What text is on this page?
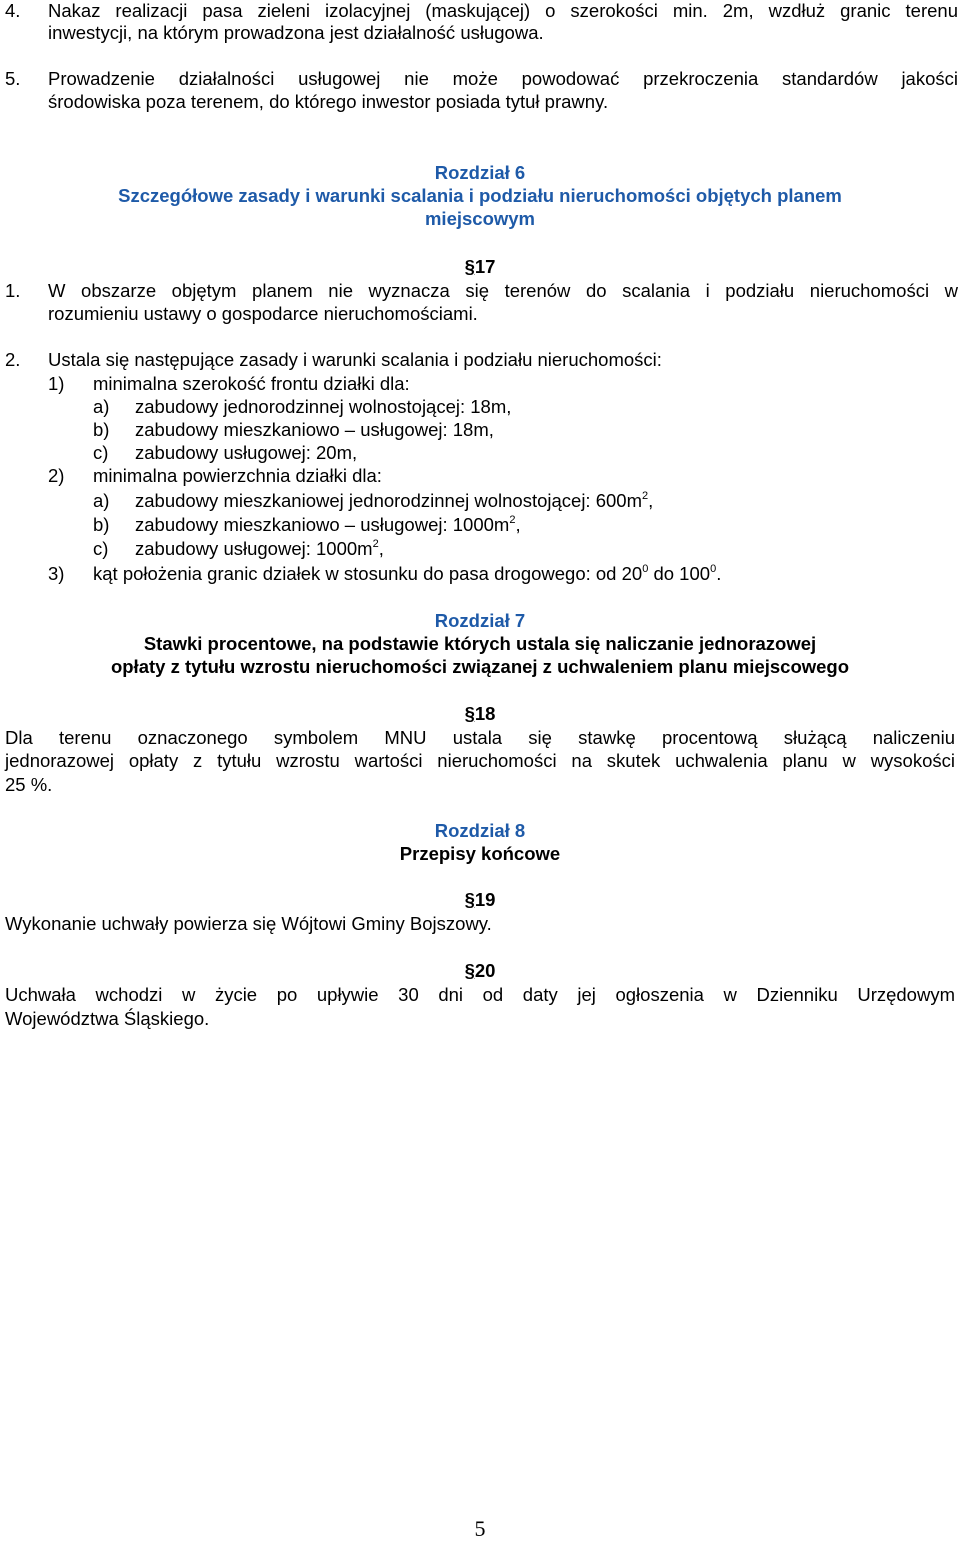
4. Nakaz realizacji pasa zieleni izolacyjnej (maskującej) o szerokości min. 2m, wzdłuż granic terenu
inwestycji, na którym prowadzona jest działalność usługowa.
5. Prowadzenie działalności usługowej nie może powodować przekroczenia standardów jakości
środowiska poza terenem, do którego inwestor posiada tytuł prawny.
Rozdział 6
Szczegółowe zasady i warunki scalania i podziału nieruchomości objętych planem
miejscowym
§17
1. W obszarze objętym planem nie wyznacza się terenów do scalania i podziału nieruchomości w
rozumieniu ustawy o gospodarce nieruchomościami.
2. Ustala się następujące zasady i warunki scalania i podziału nieruchomości:
1) minimalna szerokość frontu działki dla:
a) zabudowy jednorodzinnej wolnostojącej: 18m,
b) zabudowy mieszkaniowo – usługowej: 18m,
c) zabudowy usługowej: 20m,
2) minimalna powierzchnia działki dla:
a) zabudowy mieszkaniowej jednorodzinnej wolnostojącej: $600m^2$,
b) zabudowy mieszkaniowo – usługowej: $1000m^2$,
c) zabudowy usługowej: $1000m^2$,
3) kąt położenia granic działek w stosunku do pasa drogowego: od $20^0$ do $100^0$.
Rozdział 7
Stawki procentowe, na podstawie których ustala się naliczanie jednorazowej
opłaty z tytułu wzrostu nieruchomości związanej z uchwaleniem planu miejscowego
§18
Dla terenu oznaczonego symbolem MNU ustala się stawkę procentową służącą naliczeniu
jednorazowej opłaty z tytułu wzrostu wartości nieruchomości na skutek uchwalenia planu w wysokości
25 %.
Rozdział 8
Przepisy końcowe
§19
Wykonanie uchwały powierza się Wójtowi Gminy Bojszowy.
§20
Uchwała wchodzi w życie po upływie 30 dni od daty jej ogłoszenia w Dzienniku Urzędowym
Województwa Śląskiego.
5
